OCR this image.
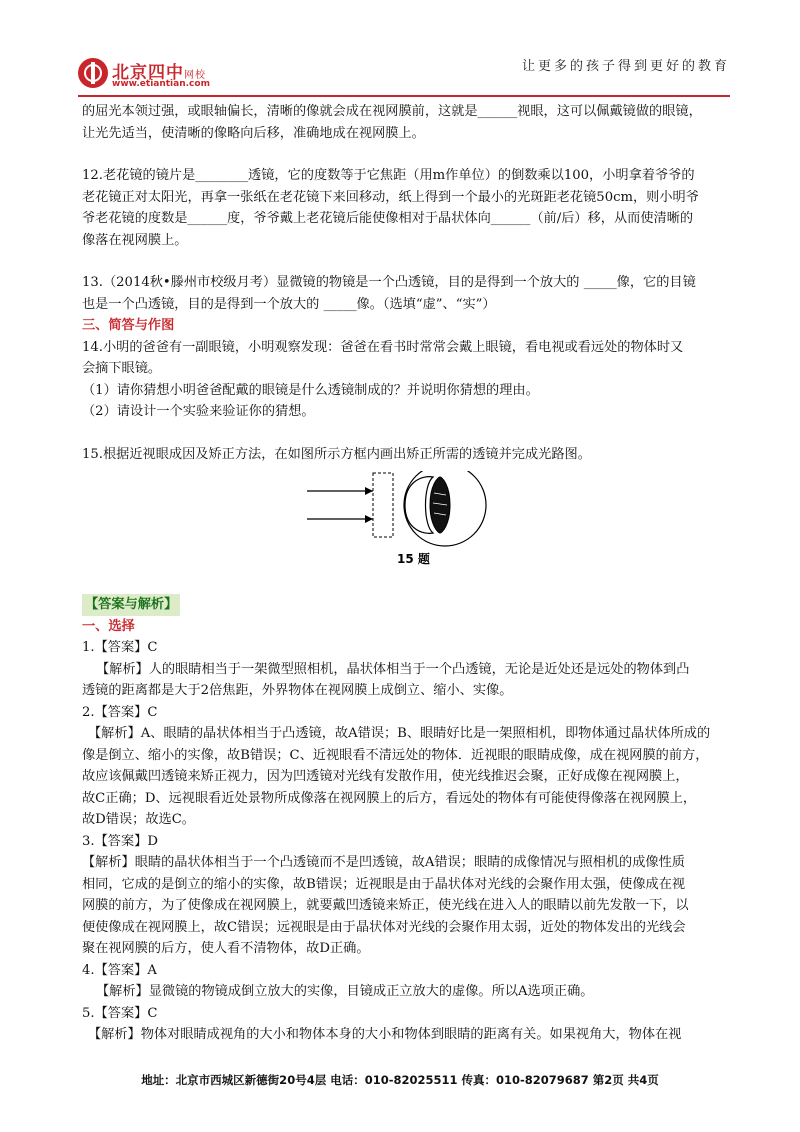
北京四中网校
www.etiantian.com
让更多的孩子得到更好的教育

的屈光本领过强，或眼轴偏长，清晰的像就会成在视网膜前，这就是______视眼，这可以佩戴镜做的眼镜，

让光先适当，使清晰的像略向后移，准确地成在视网膜上。

12.老花镜的镜片是________透镜，它的度数等于它焦距（用m作单位）的倒数乘以100，小明拿着爷爷的

老花镜正对太阳光，再拿一张纸在老花镜下来回移动，纸上得到一个最小的光斑距老花镜50cm，则小明爷

爷老花镜的度数是______度，爷爷戴上老花镜后能使像相对于晶状体向______（前/后）移，从而使清晰的

像落在视网膜上。

13.（2014秋•滕州市校级月考）显微镜的物镜是一个凸透镜，目的是得到一个放大的 _____像，它的目镜

也是一个凸透镜，目的是得到一个放大的 _____像。（选填“虚”、“实”）

三、简答与作图

14.小明的爸爸有一副眼镜，小明观察发现：爸爸在看书时常常会戴上眼镜，看电视或看远处的物体时又

会摘下眼镜。

（1）请你猜想小明爸爸配戴的眼镜是什么透镜制成的？并说明你猜想的理由。

（2）请设计一个实验来验证你的猜想。

15.根据近视眼成因及矫正方法，在如图所示方框内画出矫正所需的透镜并完成光路图。

【答案与解析】

一、选择

1.【答案】C

【解析】人的眼睛相当于一架微型照相机，晶状体相当于一个凸透镜，无论是近处还是远处的物体到凸

透镜的距离都是大于2倍焦距，外界物体在视网膜上成倒立、缩小、实像。

2.【答案】C

【解析】A、眼睛的晶状体相当于凸透镜，故A错误；B、眼睛好比是一架照相机，即物体通过晶状体所成的

像是倒立、缩小的实像，故B错误；C、近视眼看不清远处的物体．近视眼的眼睛成像，成在视网膜的前方，

故应该佩戴凹透镜来矫正视力，因为凹透镜对光线有发散作用，使光线推迟会聚，正好成像在视网膜上，

故C正确；D、远视眼看近处景物所成像落在视网膜上的后方，看远处的物体有可能使得像落在视网膜上，

故D错误；故选C。

3.【答案】D

【解析】眼睛的晶状体相当于一个凸透镜而不是凹透镜，故A错误；眼睛的成像情况与照相机的成像性质

相同，它成的是倒立的缩小的实像，故B错误；近视眼是由于晶状体对光线的会聚作用太强，使像成在视

网膜的前方，为了使像成在视网膜上，就要戴凹透镜来矫正，使光线在进入人的眼睛以前先发散一下，以

便使像成在视网膜上，故C错误；远视眼是由于晶状体对光线的会聚作用太弱，近处的物体发出的光线会

聚在视网膜的后方，使人看不清物体，故D正确。

4.【答案】A

【解析】显微镜的物镜成倒立放大的实像，目镜成正立放大的虚像。所以A选项正确。

5.【答案】C

【解析】物体对眼睛成视角的大小和物体本身的大小和物体到眼睛的距离有关。如果视角大，物体在视

15 题
地址：北京市西城区新德街20号4层 电话：010-82025511 传真：010-82079687 第2页 共4页
